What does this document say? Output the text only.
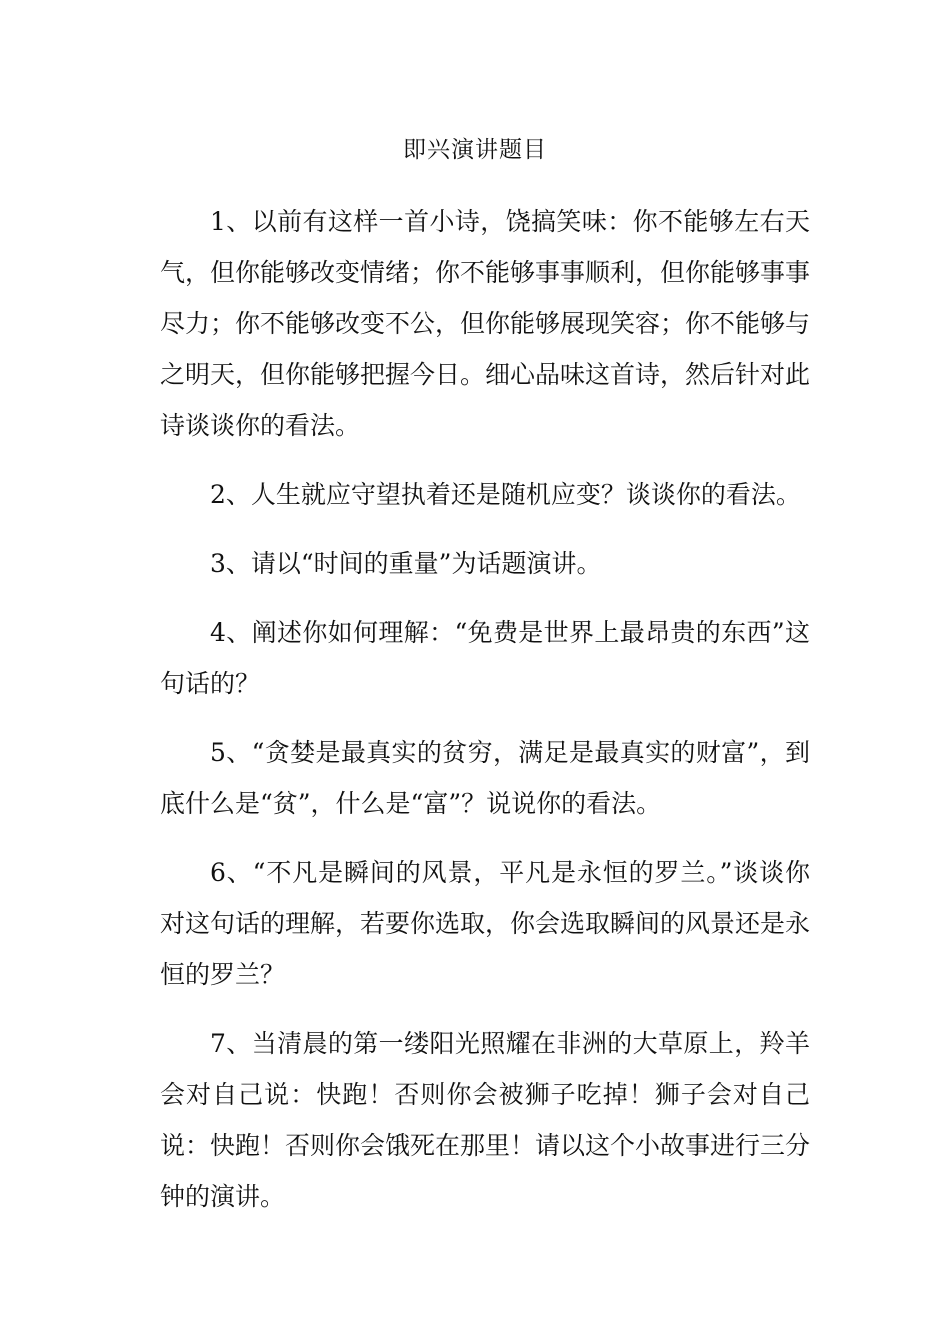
即兴演讲题目

1、以前有这样一首小诗，饶搞笑味：你不能够左右天气，但你能够改变情绪；你不能够事事顺利，但你能够事事尽力；你不能够改变不公，但你能够展现笑容；你不能够与之明天，但你能够把握今日。细心品味这首诗，然后针对此诗谈谈你的看法。

2、人生就应守望执着还是随机应变？谈谈你的看法。

3、请以“时间的重量”为话题演讲。

4、阐述你如何理解：“免费是世界上最昂贵的东西”这句话的？

5、“贪婪是最真实的贫穷，满足是最真实的财富”，到底什么是“贫”，什么是“富”？说说你的看法。

6、“不凡是瞬间的风景，平凡是永恒的罗兰。”谈谈你对这句话的理解，若要你选取，你会选取瞬间的风景还是永恒的罗兰？

7、当清晨的第一缕阳光照耀在非洲的大草原上，羚羊会对自己说：快跑！否则你会被狮子吃掉！狮子会对自己说：快跑！否则你会饿死在那里！请以这个小故事进行三分钟的演讲。
